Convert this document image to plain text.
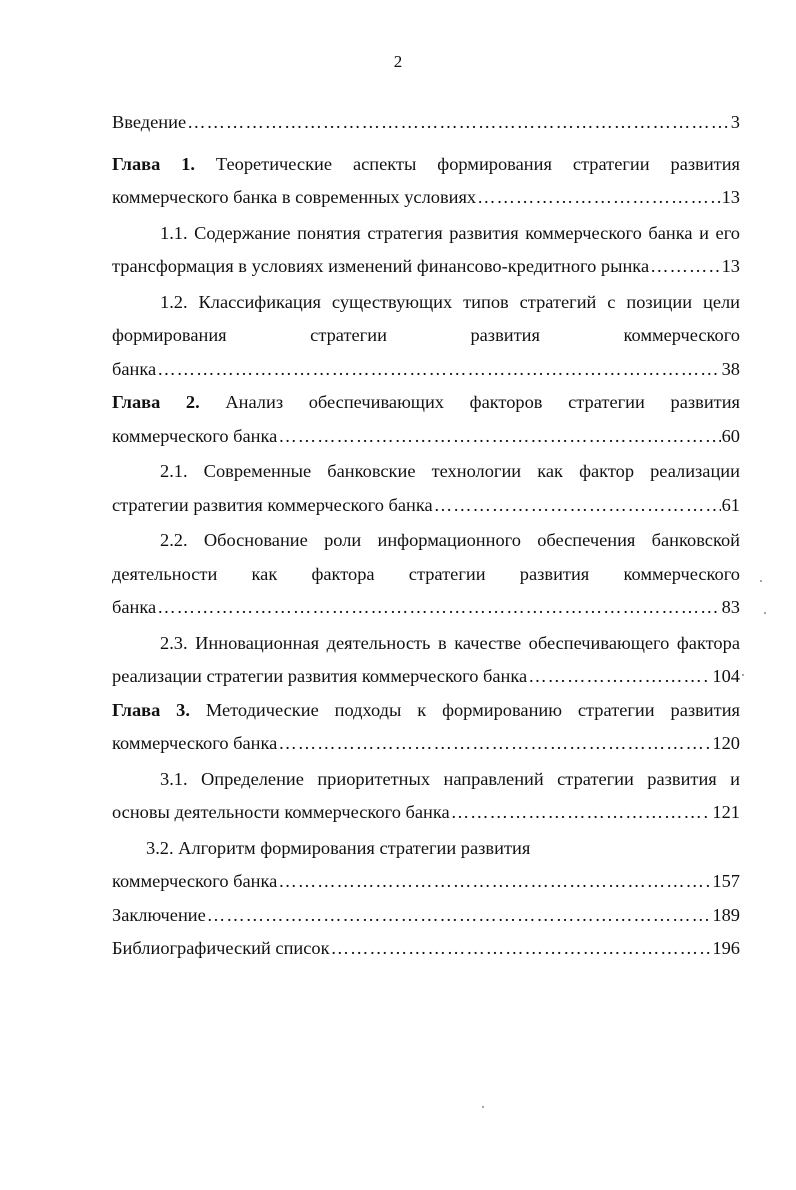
2
Введение ……………………………………………………………………………………………………………………………………………	3
Глава 1. Теоретические аспекты формирования стратегии развития
коммерческого банка в современных условиях ……………………………………………………………………………………………………………………………………………	13
1.1. Содержание понятия стратегия развития коммерческого банка и его
трансформация в условиях изменений финансово-кредитного рынка ……………………………………………………………………………………………………………………………………………	13
1.2. Классификация существующих типов стратегий с позиции цели
формирования стратегии развития коммерческого
банка ……………………………………………………………………………………………………………………………………………	38
Глава 2. Анализ обеспечивающих факторов стратегии развития
коммерческого банка ……………………………………………………………………………………………………………………………………………	60
2.1. Современные банковские технологии как фактор реализации
стратегии развития коммерческого банка ……………………………………………………………………………………………………………………………………………	61
2.2. Обоснование роли информационного обеспечения банковской
деятельности как фактора стратегии развития коммерческого
банка ……………………………………………………………………………………………………………………………………………	83
2.3. Инновационная деятельность в качестве обеспечивающего фактора
реализации стратегии развития коммерческого банка ……………………………………………………………………………………………………………………………………………	104
Глава 3. Методические подходы к формированию стратегии развития
коммерческого банка ……………………………………………………………………………………………………………………………………………	120
3.1. Определение приоритетных направлений стратегии развития и
основы деятельности коммерческого банка ……………………………………………………………………………………………………………………………………………	121
3.2. Алгоритм формирования стратегии развития
коммерческого банка ……………………………………………………………………………………………………………………………………………	157
Заключение ……………………………………………………………………………………………………………………………………………	189
Библиографический список ……………………………………………………………………………………………………………………………………………	196
